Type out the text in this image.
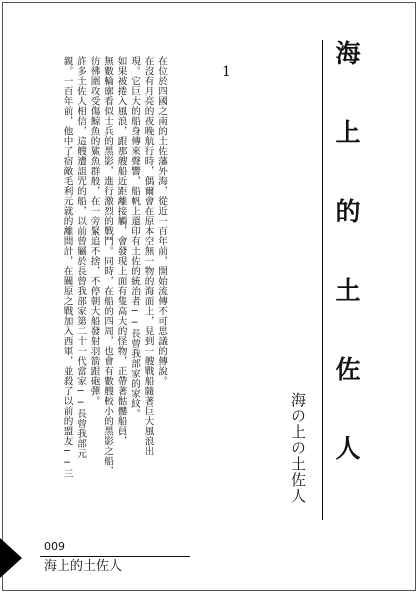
海上的土佐人
海の上の土佐人
1
在位於四國之南的土佐藩外海，從近一百年前，開始流傳不可思議的傳說。
在沒有月亮的夜晚航行時，偶爾會在原本空無一物的海面上，見到一艘戰船隨著巨大風浪出
現。它巨大的船身傳來聲響，船帆上還印有土佐的統治者──長曾我部家的家紋。
如果被捲入風浪，跟那艘船近距離接觸，會發現上面有隻高大的怪物，正帶著骷髏船員，
無數輪廓看似士兵的黑影，進行激烈的戰鬥。同時，在船的四周，也會有數艘較小的黑影之船，
彷彿圍攻受傷鯨魚的鯊魚群般，在一旁緊追不捨，不停朝大船發射羽箭跟砲彈。
許多土佐人相信，這艘遭詛咒的船，以前曾屬於長曾我部家第二十一代當家──長曾我部元
親。一百年前，他中了宿敵毛利元就的離間計，在關原之戰加入西軍，並殺了以前的盟友──三
009
海上的土佐人
